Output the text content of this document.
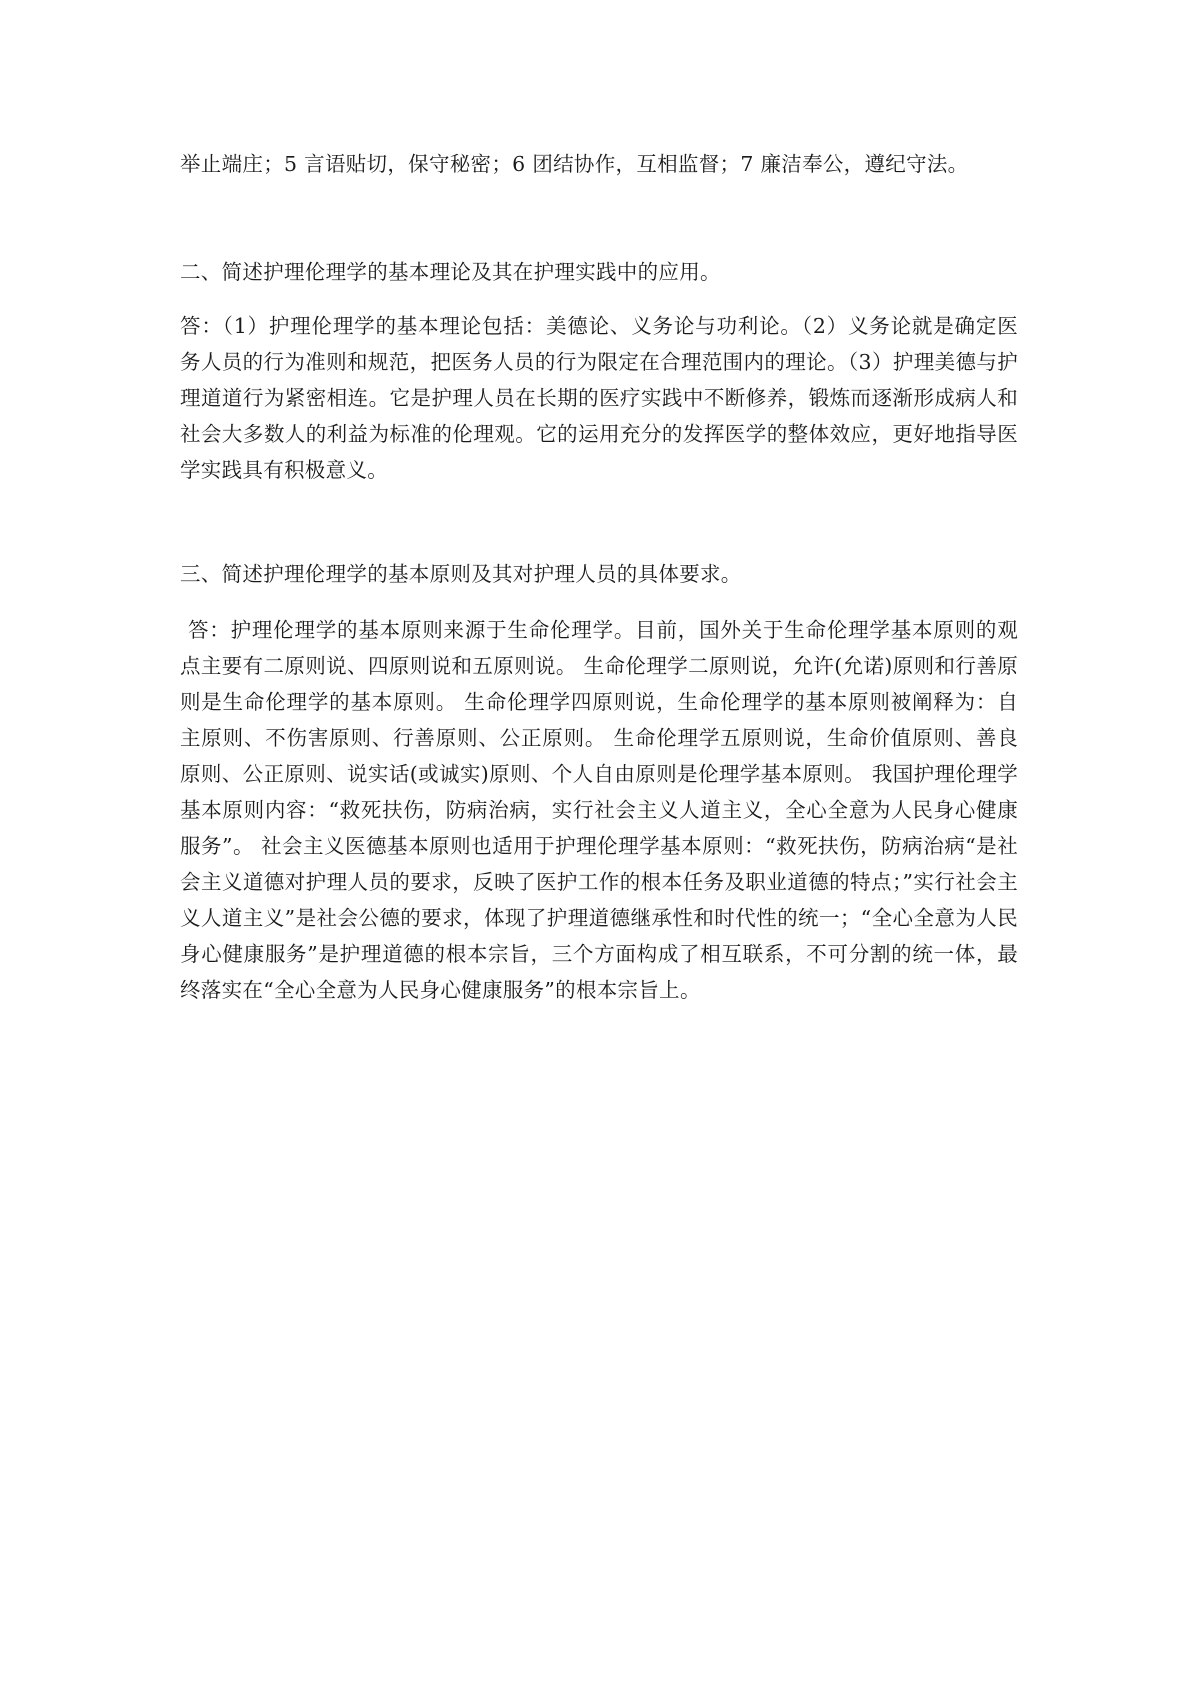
举止端庄；5 言语贴切，保守秘密；6 团结协作，互相监督；7 廉洁奉公，遵纪守法。

二、简述护理伦理学的基本理论及其在护理实践中的应用。

答：（1）护理伦理学的基本理论包括：美德论、义务论与功利论。（2）义务论就是确定医务人员的行为准则和规范，把医务人员的行为限定在合理范围内的理论。（3）护理美德与护理道道行为紧密相连。它是护理人员在长期的医疗实践中不断修养，锻炼而逐渐形成病人和社会大多数人的利益为标准的伦理观。它的运用充分的发挥医学的整体效应，更好地指导医学实践具有积极意义。

三、简述护理伦理学的基本原则及其对护理人员的具体要求。

答：护理伦理学的基本原则来源于生命伦理学。目前，国外关于生命伦理学基本原则的观点主要有二原则说、四原则说和五原则说。 生命伦理学二原则说，允许(允诺)原则和行善原则是生命伦理学的基本原则。 生命伦理学四原则说，生命伦理学的基本原则被阐释为：自主原则、不伤害原则、行善原则、公正原则。 生命伦理学五原则说，生命价值原则、善良原则、公正原则、说实话(或诚实)原则、个人自由原则是伦理学基本原则。 我国护理伦理学基本原则内容：“救死扶伤，防病治病，实行社会主义人道主义，全心全意为人民身心健康服务”。 社会主义医德基本原则也适用于护理伦理学基本原则：“救死扶伤，防病治病“是社会主义道德对护理人员的要求，反映了医护工作的根本任务及职业道德的特点；”实行社会主义人道主义”是社会公德的要求，体现了护理道德继承性和时代性的统一；“全心全意为人民身心健康服务”是护理道德的根本宗旨，三个方面构成了相互联系，不可分割的统一体，最终落实在“全心全意为人民身心健康服务”的根本宗旨上。
